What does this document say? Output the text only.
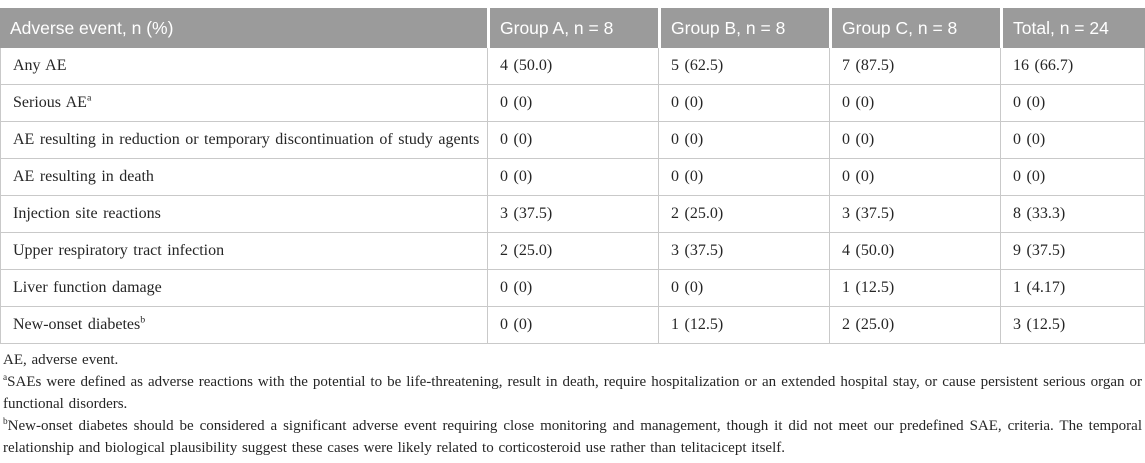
Adverse event, n (%)	Group A, n = 8	Group B, n = 8	Group C, n = 8	Total, n = 24
Any AE	4 (50.0)	5 (62.5)	7 (87.5)	16 (66.7)
Serious $AE^a$	0 (0)	0 (0)	0 (0)	0 (0)
AE resulting in reduction or temporary discontinuation of study agents	0 (0)	0 (0)	0 (0)	0 (0)
AE resulting in death	0 (0)	0 (0)	0 (0)	0 (0)
Injection site reactions	3 (37.5)	2 (25.0)	3 (37.5)	8 (33.3)
Upper respiratory tract infection	2 (25.0)	3 (37.5)	4 (50.0)	9 (37.5)
Liver function damage	0 (0)	0 (0)	1 (12.5)	1 (4.17)
New-onset diabetes$^b$	0 (0)	1 (12.5)	2 (25.0)	3 (12.5)

AE, adverse event.

$^a$SAEs were defined as adverse reactions with the potential to be life-threatening, result in death, require hospitalization or an extended hospital stay, or cause persistent serious organ or functional disorders.

$^b$New-onset diabetes should be considered a significant adverse event requiring close monitoring and management, though it did not meet our predefined SAE, criteria. The temporal relationship and biological plausibility suggest these cases were likely related to corticosteroid use rather than telitacicept itself.
